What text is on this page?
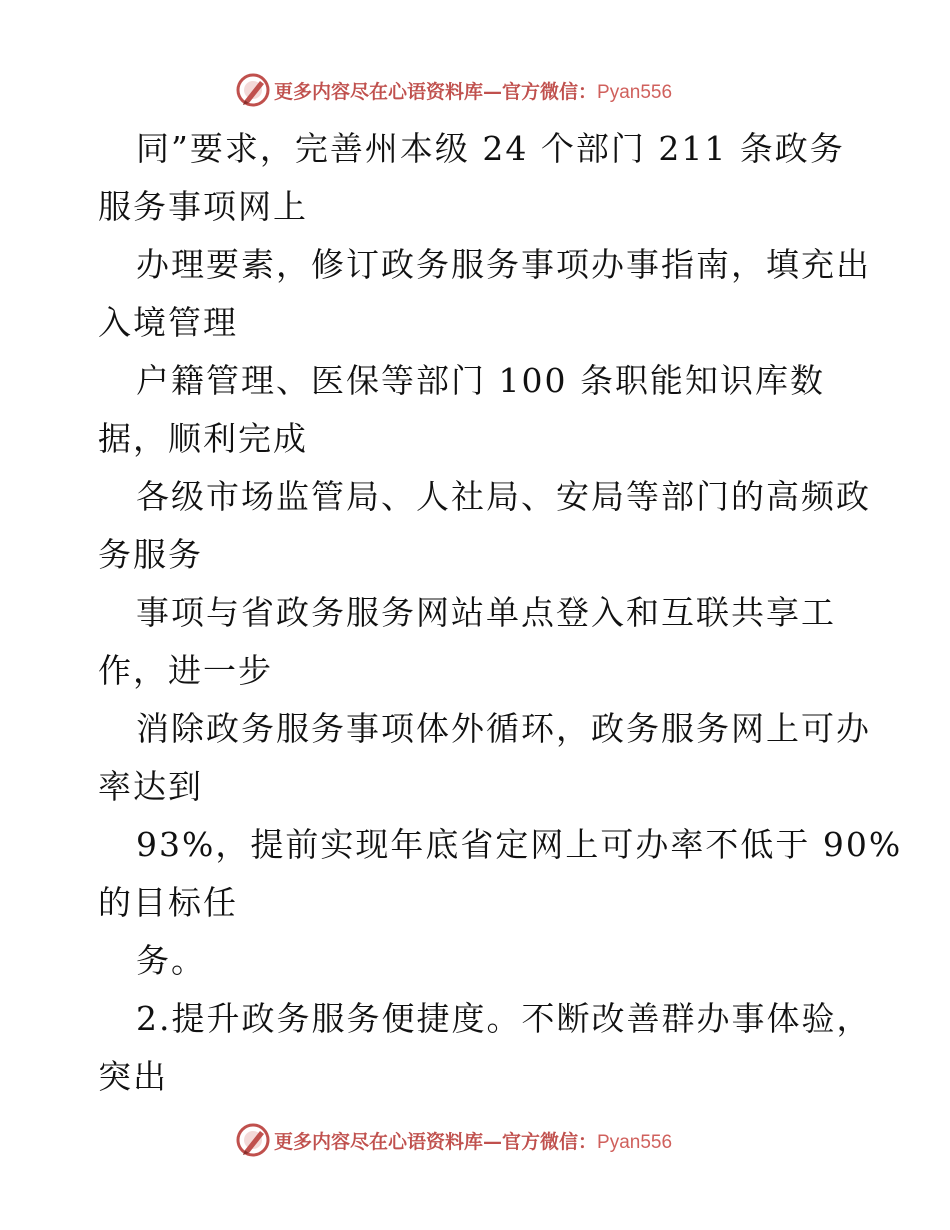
更多内容尽在心语资料库—官方微信：Pyan556
同”要求，完善州本级 24 个部门 211 条政务
服务事项网上
办理要素，修订政务服务事项办事指南，填充出
入境管理
户籍管理、医保等部门 100 条职能知识库数
据，顺利完成
各级市场监管局、人社局、安局等部门的高频政
务服务
事项与省政务服务网站单点登入和互联共享工
作，进一步
消除政务服务事项体外循环，政务服务网上可办
率达到
93%，提前实现年底省定网上可办率不低于 90%
的目标任
务。
2.提升政务服务便捷度。不断改善群办事体验，
突出
更多内容尽在心语资料库—官方微信：Pyan556
